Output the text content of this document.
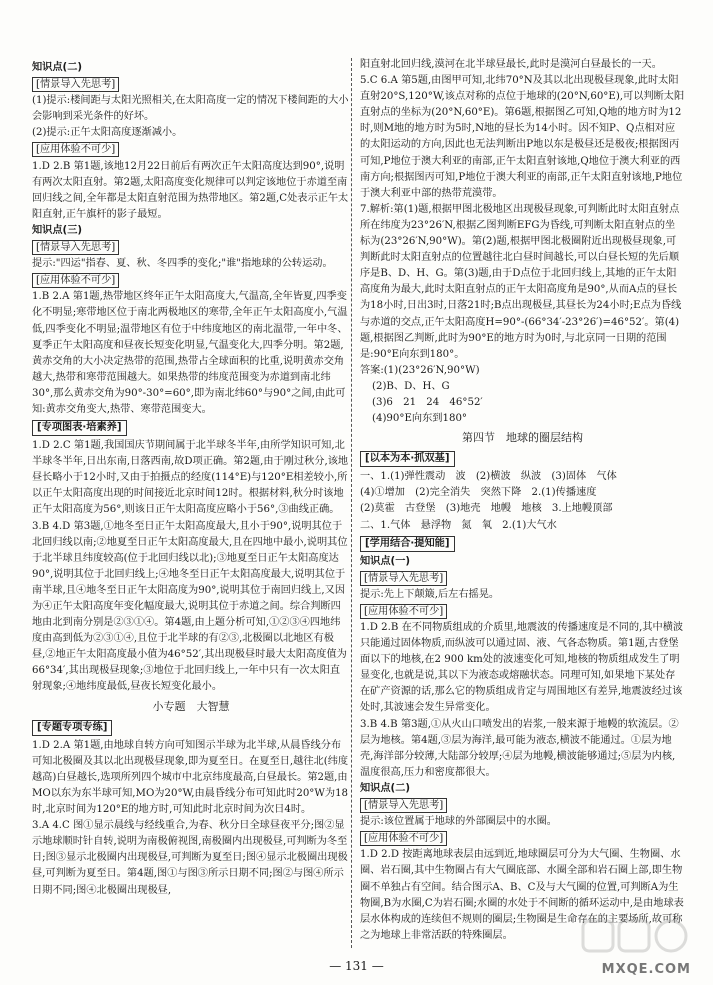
知识点(二)
[情景导入先思考]
(1)提示:楼间距与太阳光照相关,在太阳高度一定的情况下楼间距的大小会影响到采光条件的好坏。
(2)提示:正午太阳高度逐渐减小。
[应用体验不可少]
1.D 2.B 第1题,该地12月22日前后有两次正午太阳高度达到90°,说明有两次太阳直射。第2题,太阳高度变化规律可以判定该地位于赤道至南回归线之间,全年都是太阳直射范围为热带地区。第2题,C处表示正午太阳直射,正午旗杆的影子最短。
知识点(三)
[情景导入先思考]
提示:"四运"指春、夏、秋、冬四季的变化;"谁"指地球的公转运动。
[应用体验不可少]
1.B 2.A 第1题,热带地区终年正午太阳高度大,气温高,全年皆夏,四季变化不明显;寒带地区位于南北两极地区的寒带,全年正午太阳高度小,气温低,四季变化不明显;温带地区有位于中纬度地区的南北温带,一年中冬、夏季正午太阳高度和昼夜长短变化明显,气温变化大,四季分明。第2题,黄赤交角的大小决定热带的范围,热带占全球面积的比重,说明黄赤交角越大,热带和寒带范围越大。如果热带的纬度范围变为赤道到南北纬30°,那么黄赤交角为90°-30°=60°,即为南北纬60°与90°之间,由此可知:黄赤交角变大,热带、寒带范围变大。
[专项图表·培素养]
1.D 2.C 第1题,我国国庆节期间属于北半球冬半年,由所学知识可知,北半球冬半年,日出东南,日落西南,故D项正确。第2题,由于刚过秋分,该地昼长略小于12小时,又由于拍摄点的经度(114°E)与120°E相差较小,所以正午太阳高度出现的时间接近北京时间12时。根据材料,秋分时该地正午太阳高度为56°,则该日正午太阳高度应略小于56°,③曲线正确。
3.B 4.D 第3题,①地冬至日正午太阳高度最大,且小于90°,说明其位于北回归线以南;②地夏至日正午太阳高度最大,且在四地中最小,说明其位于北半球且纬度较高(位于北回归线以北);③地夏至日正午太阳高度达90°,说明其位于北回归线上;④地冬至日正午太阳高度最大,说明其位于南半球,且④地冬至日正午太阳高度为90°,说明其位于南回归线上,又因为④正午太阳高度年变化幅度最大,说明其位于赤道之间。综合判断四地由北到南分别是②③①④。第4题,由上题分析可知,①②③④四地纬度由高到低为②③①④,且位于北半球的有②③,北极圈以北地区有极昼,②地正午太阳高度最小值为46°52′,其出现极昼时最大太阳高度值为66°34′,其出现极昼现象;③地位于北回归线上,一年中只有一次太阳直射现象;④地纬度最低,昼夜长短变化最小。
小专题　大智慧
[专题专项专练]
1.D 2.A 第1题,由地球自转方向可知图示半球为北半球,从晨昏线分布可知北极圈及其以北出现极昼现象,即为夏至日。在夏至日,越往北(纬度越高)白昼越长,选项所列四个城市中北京纬度最高,白昼最长。第2题,由MO以东为东半球可知,MO为20°W,由晨昏线分布可知此时20°W为18时,北京时间为120°E的地方时,可知此时北京时间为次日4时。
3.A 4.C 图①显示晨线与经线重合,为春、秋分日全球昼夜平分;图②显示地球顺时针自转,说明为南极俯视图,南极圈内出现极昼,可判断为冬至日;图③显示北极圈内出现极昼,可判断为夏至日;图④显示北极圈出现极昼,可判断为夏至日。第4题,图①与图③所示日期不同;图②与图④所示日期不同;图④北极圈出现极昼,
阳直射北回归线,漠河在北半球昼最长,此时是漠河白昼最长的一天。
5.C 6.A 第5题,由图甲可知,北纬70°N及其以北出现极昼现象,此时太阳直射20°S,120°W,该点对称的点位于地球的(20°N,60°E),可以判断太阳直射点的坐标为(20°N,60°E)。第6题,根据图乙可知,Q地的地方时为12时,则M地的地方时为5时,N地的昼长为14小时。因不知P、Q点相对应的太阳运动的方向,因此也无法判断出P地以东是极昼还是极夜;根据图丙可知,P地位于澳大利亚的南部,正午太阳直射该地,Q地位于澳大利亚的西南方向;根据图丙可知,P地位于澳大利亚的南部,正午太阳直射该地,P地位于澳大利亚中部的热带荒漠带。
7.解析:第(1)题,根据甲图北极地区出现极昼现象,可判断此时太阳直射点所在纬度为23°26′N,根据乙图判断EFG为昏线,可判断太阳直射点的坐标为(23°26′N,90°W)。第(2)题,根据甲图北极圈附近出现极昼现象,可判断此时太阳直射点的位置越往北白昼时间越长,可以白昼长短的先后顺序是B、D、H、G。第(3)题,由于D点位于北回归线上,其地的正午太阳高度角为最大,此时太阳直射点的正午太阳高度角是90°,从而A点的昼长为18小时,日出3时,日落21时;B点出现极昼,其昼长为24小时;E点为昏线与赤道的交点,正午太阳高度H=90°-(66°34′-23°26′)=46°52′。第(4)题,根据图乙判断,此时为90°E的地方时为0时,与北京同一日期的范围是:90°E向东到180°。
答案:(1)(23°26′N,90°W)
(2)B、D、H、G
(3)6　21　24　46°52′
(4)90°E向东到180°
第四节　地球的圈层结构
[以本为本·抓双基]
一、1.(1)弹性震动　波　(2)横波　纵波　(3)固体　气体
(4)①增加　(2)完全消失　突然下降　2.(1)传播速度
(2)莫霍　古登堡　(3)地壳　地幔　地核　3.上地幔顶部
二、1.气体　悬浮物　氮　氧　2.(1)大气水
[学用结合·提知能]
知识点(一)
[情景导入先思考]
提示:先上下颠簸,后左右摇晃。
[应用体验不可少]
1.D 2.B 在不同物质组成的介质里,地震波的传播速度是不同的,其中横波只能通过固体物质,而纵波可以通过固、液、气各态物质。第1题,古登堡面以下的地核,在2 900 km处的波速变化可知,地核的物质组成发生了明显变化,也就是说,其以下为液态或熔融状态。同理可知,如果地下某处存在矿产资源的话,那么它的物质组成肯定与周围地区有差异,地震波经过该处时,其波速会发生异常变化。
3.B 4.B 第3题,①从火山口喷发出的岩浆,一般来源于地幔的软流层。②层为地核。第4题,③层为海洋,最可能为液态,横波不能通过。①层为地壳,海洋部分较薄,大陆部分较厚;④层为地幔,横波能够通过;⑤层为内核,温度很高,压力和密度都很大。
知识点(二)
[情景导入先思考]
提示:该位置属于地球的外部圈层中的水圈。
[应用体验不可少]
1.D 2.D 按距离地球表层由远到近,地球圈层可分为大气圈、生物圈、水圈、岩石圈,其中生物圈占有大气圈底部、水圈全部和岩石圈上部,即生物圈不单独占有空间。结合图示A、B、C及与大气圈的位置,可判断A为生物圈,B为水圈,C为岩石圈;水圈的水处于不间断的循环运动中,是由地球表层水体构成的连续但不规则的圈层;生物圈是生命存在的主要场所,故可称之为地球上非常活跃的特殊圈层。
— 131 —	MXQE.COM
